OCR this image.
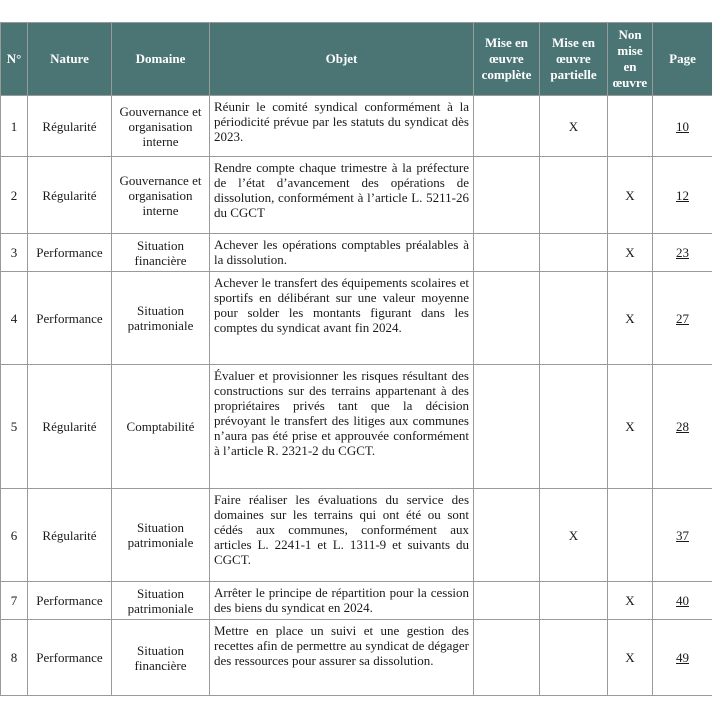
N°	Nature	Domaine	Objet	Mise en œuvre complète	Mise en œuvre partielle	Non mise en œuvre	Page
1	Régularité	Gouvernance et organisation interne	Réunir le comité syndical conformément à la périodicité prévue par les statuts du syndicat dès 2023.		X		10
2	Régularité	Gouvernance et organisation interne	Rendre compte chaque trimestre à la préfecture de l’état d’avancement des opérations de dissolution, conformément à l’article L. 5211-26 du CGCT			X	12
3	Performance	Situation financière	Achever les opérations comptables préalables à la dissolution.			X	23
4	Performance	Situation patrimoniale	Achever le transfert des équipements scolaires et sportifs en délibérant sur une valeur moyenne pour solder les montants figurant dans les comptes du syndicat avant fin 2024.			X	27
5	Régularité	Comptabilité	Évaluer et provisionner les risques résultant des constructions sur des terrains appartenant à des propriétaires privés tant que la décision prévoyant le transfert des litiges aux communes n’aura pas été prise et approuvée conformément à l’article R. 2321-2 du CGCT.			X	28
6	Régularité	Situation patrimoniale	Faire réaliser les évaluations du service des domaines sur les terrains qui ont été ou sont cédés aux communes, conformément aux articles L. 2241-1 et L. 1311-9 et suivants du CGCT.		X		37
7	Performance	Situation patrimoniale	Arrêter le principe de répartition pour la cession des biens du syndicat en 2024.			X	40
8	Performance	Situation financière	Mettre en place un suivi et une gestion des recettes afin de permettre au syndicat de dégager des ressources pour assurer sa dissolution.			X	49
